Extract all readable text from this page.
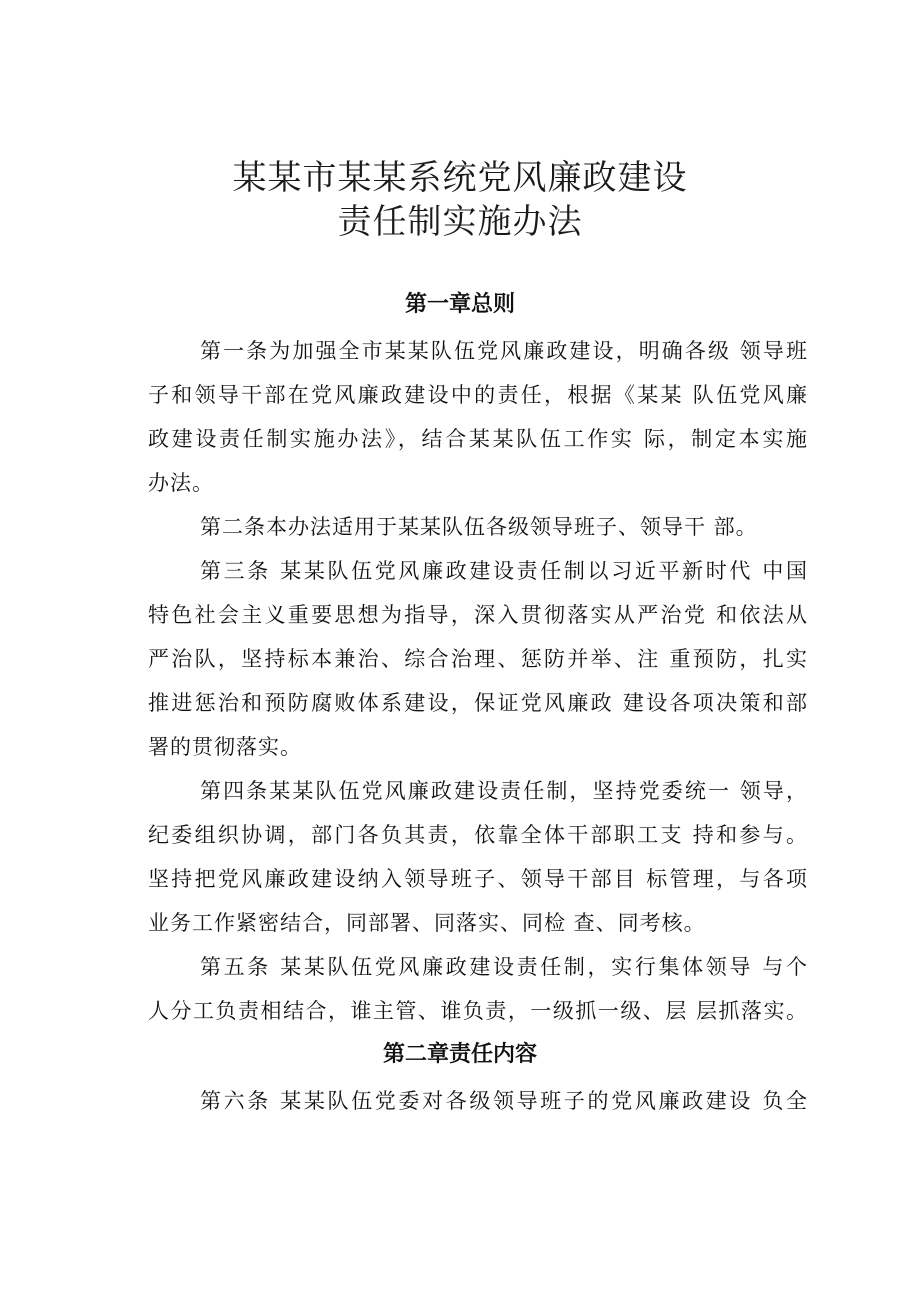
某某市某某系统党风廉政建设
责任制实施办法
第一章总则
第一条为加强全市某某队伍党风廉政建设，明确各级 领导班
子和领导干部在党风廉政建设中的责任，根据《某某 队伍党风廉
政建设责任制实施办法》，结合某某队伍工作实 际，制定本实施
办法。
第二条本办法适用于某某队伍各级领导班子、领导干 部。
第三条 某某队伍党风廉政建设责任制以习近平新时代 中国
特色社会主义重要思想为指导，深入贯彻落实从严治党 和依法从
严治队，坚持标本兼治、综合治理、惩防并举、注 重预防，扎实
推进惩治和预防腐败体系建设，保证党风廉政 建设各项决策和部
署的贯彻落实。
第四条某某队伍党风廉政建设责任制，坚持党委统一 领导，
纪委组织协调，部门各负其责，依靠全体干部职工支 持和参与。
坚持把党风廉政建设纳入领导班子、领导干部目 标管理，与各项
业务工作紧密结合，同部署、同落实、同检 查、同考核。
第五条 某某队伍党风廉政建设责任制，实行集体领导 与个
人分工负责相结合，谁主管、谁负责，一级抓一级、层 层抓落实。
第二章责任内容
第六条 某某队伍党委对各级领导班子的党风廉政建设 负全
